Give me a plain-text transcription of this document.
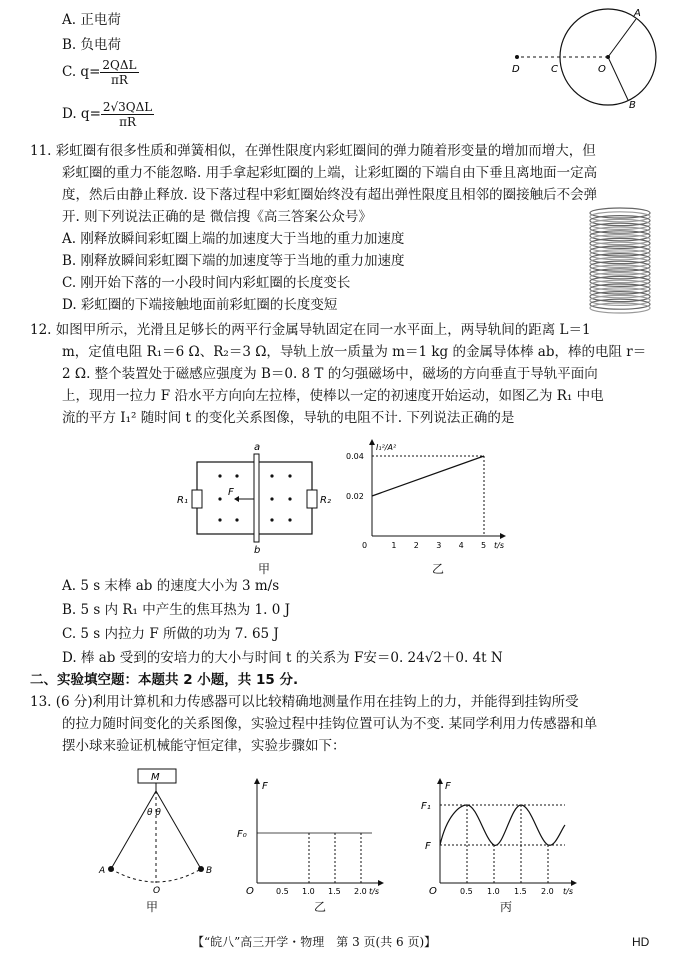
A. 正电荷
B. 负电荷
C. $q= \frac{\text{2QΔL}}{\pi R}$
D. $q= \frac{\text{2√3QΔL}}{\pi R}$
A
B
C
D	O
11. 彩虹圈有很多性质和弹簧相似，在弹性限度内彩虹圈间的弹力随着形变量的增加而增大，但
彩虹圈的重力不能忽略. 用手拿起彩虹圈的上端，让彩虹圈的下端自由下垂且离地面一定高
度，然后由静止释放. 设下落过程中彩虹圈始终没有超出弹性限度且相邻的圈接触后不会弹
开. 则下列说法正确的是 微信搜《高三答案公众号》
A. 刚释放瞬间彩虹圈上端的加速度大于当地的重力加速度
B. 刚释放瞬间彩虹圈下端的加速度等于当地的重力加速度
C. 刚开始下落的一小段时间内彩虹圈的长度变长
D. 彩虹圈的下端接触地面前彩虹圈的长度变短
12. 如图甲所示，光滑且足够长的两平行金属导轨固定在同一水平面上，两导轨间的距离 L＝1
m，定值电阻 R₁＝6 Ω、R₂＝3 Ω，导轨上放一质量为 m＝1 kg 的金属导体棒 ab，棒的电阻 r＝
2 Ω. 整个装置处于磁感应强度为 B＝0. 8 T 的匀强磁场中，磁场的方向垂直于导轨平面向
上，现用一拉力 F 沿水平方向向左拉棒，使棒以一定的初速度开始运动，如图乙为 R₁ 中电
流的平方 I₁² 随时间 t 的变化关系图像，导轨的电阻不计. 下列说法正确的是
R₁	R₂
a
b
F
甲
0.04
0.02
0	1 2 3 4 5
I₁²/A²
t/s
乙
A. 5 s 末棒 ab 的速度大小为 3 m/s
B. 5 s 内 R₁ 中产生的焦耳热为 1. 0 J
C. 5 s 内拉力 F 所做的功为 7. 65 J
D. 棒 ab 受到的安培力的大小与时间 t 的关系为 F安＝0. 24√2＋0. 4t N
二、实验填空题：本题共 2 小题，共 15 分.
13. (6 分)利用计算机和力传感器可以比较精确地测量作用在挂钩上的力，并能得到挂钩所受
的拉力随时间变化的关系图像，实验过程中挂钩位置可认为不变. 某同学利用力传感器和单
摆小球来验证机械能守恒定律，实验步骤如下：
M
θ θ
A	B
O
甲
F
F₀
O	0.5 1.0 1.5 2.0 t/s
乙
F
F₁
F
O	0.5 1.0 1.5 2.0 t/s
丙
【“皖八”高三开学・物理　第 3 页(共 6 页)】	HD
